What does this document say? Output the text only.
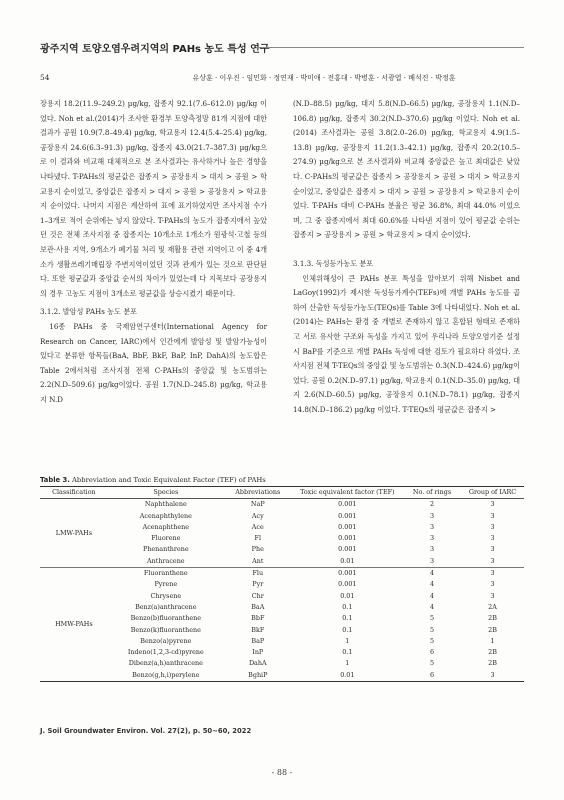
광주지역 토양오염우려지역의 PAHs 농도 특성 연구
54	유상훈 · 이우진 · 임민화 · 정연재 · 박미애 · 전홍대 · 박병훈 · 서광엽 · 배석진 · 박정훈

장용지 18.2(11.9–249.2) µg/kg, 잡종지 92.1(7.6–612.0) µg/kg 이었다. Noh et al.(2014)가 조사한 환경부 토양측정망 81개 지점에 대한 결과가 공원 10.9(7.8–49.4) µg/kg, 학교용지 12.4(5.4–25.4) µg/kg, 공장용지 24.6(6.3–91.3) µg/kg, 잡종지 43.0(21.7–387.3) µg/kg으로 이 결과와 비교해 대체적으로 본 조사결과는 유사하거나 높은 경향을 나타냈다. T-PAHs의 평균값은 잡종지 > 공장용지 > 대지 > 공원 > 학교용지 순이었고, 중앙값은 잡종지 > 대지 > 공원 > 공장용지 > 학교용지 순이었다. 나머지 지점은 계산하여 표에 표기하였지만 조사지점 수가 1–3개로 적어 순위에는 넣지 않았다. T-PAHs의 농도가 잡종지에서 높았던 것은 전체 조사지점 중 잡종지는 10개소로 1개소가 원광석·고철 등의 보관·사용 지역, 9개소가 폐기물 처리 및 재활용 관련 지역이고 이 중 4개소가 생활쓰레기매립장 주변지역이었던 것과 관계가 있는 것으로 판단된다. 또한 평균값과 중앙값 순서의 차이가 있었는데 다 지목보다 공장용지의 경우 고농도 지점이 3개소로 평균값을 상승시켰기 때문이다.

3.1.2. 발암성 PAHs 농도 분포

16종 PAHs 중 국제암연구센터(International Agency for Research on Cancer, IARC)에서 인간에게 발암성 및 발암가능성이 있다고 분류한 항목들(BaA, BbF, BkF, BaP, InP, DahA)의 농도합은 Table 2에서처럼 조사지점 전체 C-PAHs의 중앙값 및 농도범위는 2.2(N.D–509.6) µg/kg이었다. 공원 1.7(N.D–245.8) µg/kg, 학교용지 N.D

(N.D–88.5) µg/kg, 대지 5.8(N.D–66.5) µg/kg, 공장용지 1.1(N.D–106.8) µg/kg, 잡종지 30.2(N.D–370.6) µg/kg 이었다. Noh et al.(2014) 조사결과는 공원 3.8(2.0–26.0) µg/kg, 학교용지 4.9(1.5–13.8) µg/kg, 공장용지 11.2(1.3–42.1) µg/kg, 잡종지 20.2(10.5–274.9) µg/kg으로 본 조사결과와 비교해 중앙값은 높고 최대값은 낮았다. C-PAHs의 평균값은 잡종지 > 공장용지 > 공원 > 대지 > 학교용지 순이었고, 중앙값은 잡종지 > 대지 > 공원 > 공장용지 > 학교용지 순이었다. T-PAHs 대비 C-PAHs 분율은 평균 36.8%, 최대 44.0% 이었으며, 그 중 잡종지에서 최대 60.6%를 나타낸 지점이 있어 평균값 순위는 잡종지 > 공장용지 > 공원 > 학교용지 > 대지 순이었다.

3.1.3. 독성등가농도 분포

인체위해성이 큰 PAHs 분포 특성을 알아보기 위해 Nisbet and LaGoy(1992)가 제시한 독성등가계수(TEFs)에 개별 PAHs 농도를 곱하여 산출한 독성등가농도(TEQs)를 Table 3에 나타내었다. Noh et al.(2014)는 PAHs는 환경 중 개별로 존재하지 않고 혼합된 형태로 존재하고 서로 유사한 구조와 독성을 가지고 있어 우리나라 토양오염기준 설정시 BaP를 기준으로 개별 PAHs 독성에 대한 검토가 필요하다 하였다. 조사지점 전체 T-TEQs의 중앙값 및 농도범위는 0.3(N.D–424.6) µg/kg이었다. 공원 0.2(N.D–97.1) µg/kg, 학교용지 0.1(N.D–35.0) µg/kg, 대지 2.6(N.D–60.5) µg/kg, 공장용지 0.1(N.D–78.1) µg/kg, 잡종지 14.8(N.D–186.2) µg/kg 이었다. T-TEQs의 평균값은 잡종지 >

Table 3. Abbreviation and Toxic Equivalent Factor (TEF) of PAHs
Classification	Species	Abbreviations	Toxic equivalent factor (TEF)	No. of rings	Group of IARC
LMW-PAHs	Naphthalene	NaP	0.001	2	3
	Acenaphthylene	Acy	0.001	3	3
	Acenaphthene	Ace	0.001	3	3
	Fluorene	Fl	0.001	3	3
	Phenanthrene	Phe	0.001	3	3
	Anthracene	Ant	0.01	3	3
HMW-PAHs	Fluoranthene	Flu	0.001	4	3
	Pyrene	Pyr	0.001	4	3
	Chrysene	Chr	0.01	4	3
	Benz(a)anthracene	BaA	0.1	4	2A
	Benzo(b)fluoranthene	BbF	0.1	5	2B
	Benzo(k)fluoranthene	BkF	0.1	5	2B
	Benzo(a)pyrene	BaP	1	5	1
	Indeno(1,2,3-cd)pyrene	InP	0.1	6	2B
	Dibenz(a,h)anthracene	DahA	1	5	2B
	Benzo(g,h,i)perylene	BghiP	0.01	6	3
J. Soil Groundwater Environ. Vol. 27(2), p. 50~60, 2022
- 88 -
